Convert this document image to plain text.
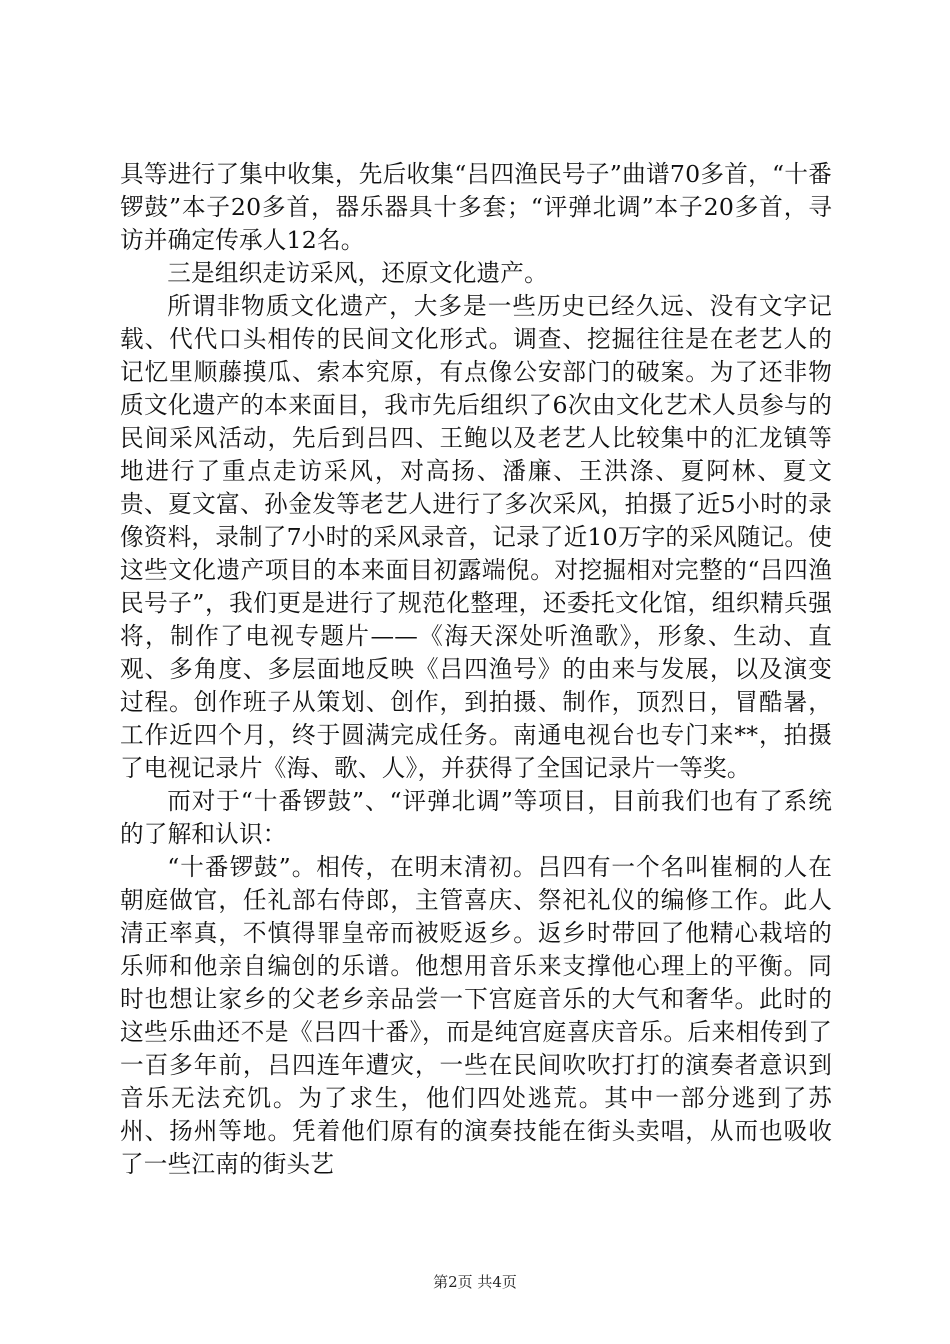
具等进行了集中收集，先后收集“吕四渔民号子”曲谱70多首，“十番锣鼓”本子20多首，器乐器具十多套；“评弹北调”本子20多首，寻访并确定传承人12名。

三是组织走访采风，还原文化遗产。

所谓非物质文化遗产，大多是一些历史已经久远、没有文字记载、代代口头相传的民间文化形式。调查、挖掘往往是在老艺人的记忆里顺藤摸瓜、索本究原，有点像公安部门的破案。为了还非物质文化遗产的本来面目，我市先后组织了6次由文化艺术人员参与的民间采风活动，先后到吕四、王鲍以及老艺人比较集中的汇龙镇等地进行了重点走访采风，对高扬、潘廉、王洪涤、夏阿林、夏文贵、夏文富、孙金发等老艺人进行了多次采风，拍摄了近5小时的录像资料，录制了7小时的采风录音，记录了近10万字的采风随记。使这些文化遗产项目的本来面目初露端倪。对挖掘相对完整的“吕四渔民号子”，我们更是进行了规范化整理，还委托文化馆，组织精兵强将，制作了电视专题片——《海天深处听渔歌》，形象、生动、直观、多角度、多层面地反映《吕四渔号》的由来与发展，以及演变过程。创作班子从策划、创作，到拍摄、制作，顶烈日，冒酷暑，工作近四个月，终于圆满完成任务。南通电视台也专门来**，拍摄了电视记录片《海、歌、人》，并获得了全国记录片一等奖。

而对于“十番锣鼓”、“评弹北调”等项目，目前我们也有了系统的了解和认识：

“十番锣鼓”。相传，在明末清初。吕四有一个名叫崔桐的人在朝庭做官，任礼部右侍郎，主管喜庆、祭祀礼仪的编修工作。此人清正率真，不慎得罪皇帝而被贬返乡。返乡时带回了他精心栽培的乐师和他亲自编创的乐谱。他想用音乐来支撑他心理上的平衡。同时也想让家乡的父老乡亲品尝一下宫庭音乐的大气和奢华。此时的这些乐曲还不是《吕四十番》，而是纯宫庭喜庆音乐。后来相传到了一百多年前，吕四连年遭灾，一些在民间吹吹打打的演奏者意识到音乐无法充饥。为了求生，他们四处逃荒。其中一部分逃到了苏州、扬州等地。凭着他们原有的演奏技能在街头卖唱，从而也吸收了一些江南的街头艺

第2页 共4页
